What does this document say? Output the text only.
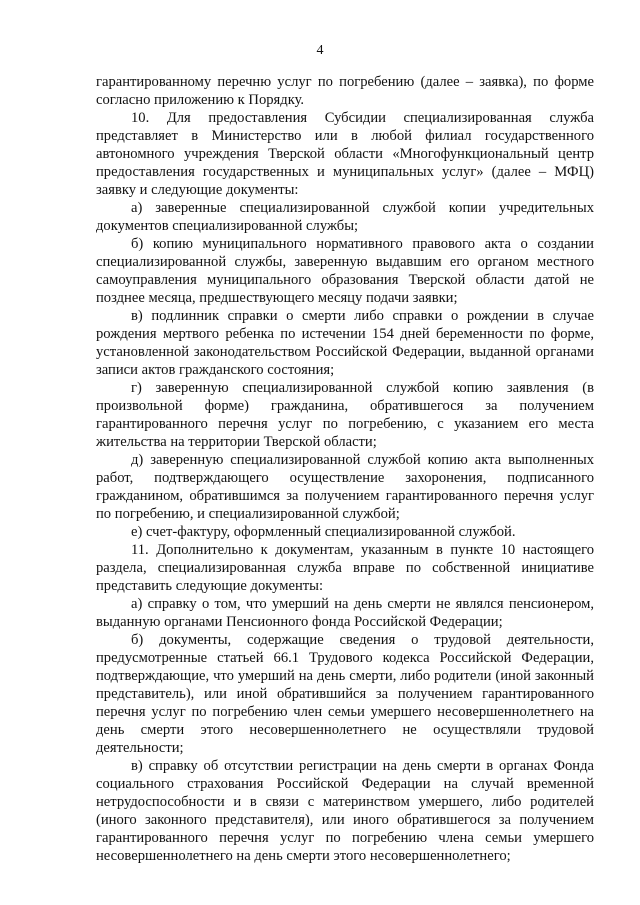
4

гарантированному перечню услуг по погребению (далее – заявка), по форме согласно приложению к Порядку.

10. Для предоставления Субсидии специализированная служба представляет в Министерство или в любой филиал государственного автономного учреждения Тверской области «Многофункциональный центр предоставления государственных и муниципальных услуг» (далее – МФЦ) заявку и следующие документы:

а) заверенные специализированной службой копии учредительных документов специализированной службы;

б) копию муниципального нормативного правового акта о создании специализированной службы, заверенную выдавшим его органом местного самоуправления муниципального образования Тверской области датой не позднее месяца, предшествующего месяцу подачи заявки;

в) подлинник справки о смерти либо справки о рождении в случае рождения мертвого ребенка по истечении 154 дней беременности по форме, установленной законодательством Российской Федерации, выданной органами записи актов гражданского состояния;

г) заверенную специализированной службой копию заявления (в произвольной форме) гражданина, обратившегося за получением гарантированного перечня услуг по погребению, с указанием его места жительства на территории Тверской области;

д) заверенную специализированной службой копию акта выполненных работ, подтверждающего осуществление захоронения, подписанного гражданином, обратившимся за получением гарантированного перечня услуг по погребению, и специализированной службой;

е) счет-фактуру, оформленный специализированной службой.

11. Дополнительно к документам, указанным в пункте 10 настоящего раздела, специализированная служба вправе по собственной инициативе представить следующие документы:

а) справку о том, что умерший на день смерти не являлся пенсионером, выданную органами Пенсионного фонда Российской Федерации;

б) документы, содержащие сведения о трудовой деятельности, предусмотренные статьей 66.1 Трудового кодекса Российской Федерации, подтверждающие, что умерший на день смерти, либо родители (иной законный представитель), или иной обратившийся за получением гарантированного перечня услуг по погребению член семьи умершего несовершеннолетнего на день смерти этого несовершеннолетнего не осуществляли трудовой деятельности;

в) справку об отсутствии регистрации на день смерти в органах Фонда социального страхования Российской Федерации на случай временной нетрудоспособности и в связи с материнством умершего, либо родителей (иного законного представителя), или иного обратившегося за получением гарантированного перечня услуг по погребению члена семьи умершего несовершеннолетнего на день смерти этого несовершеннолетнего;
